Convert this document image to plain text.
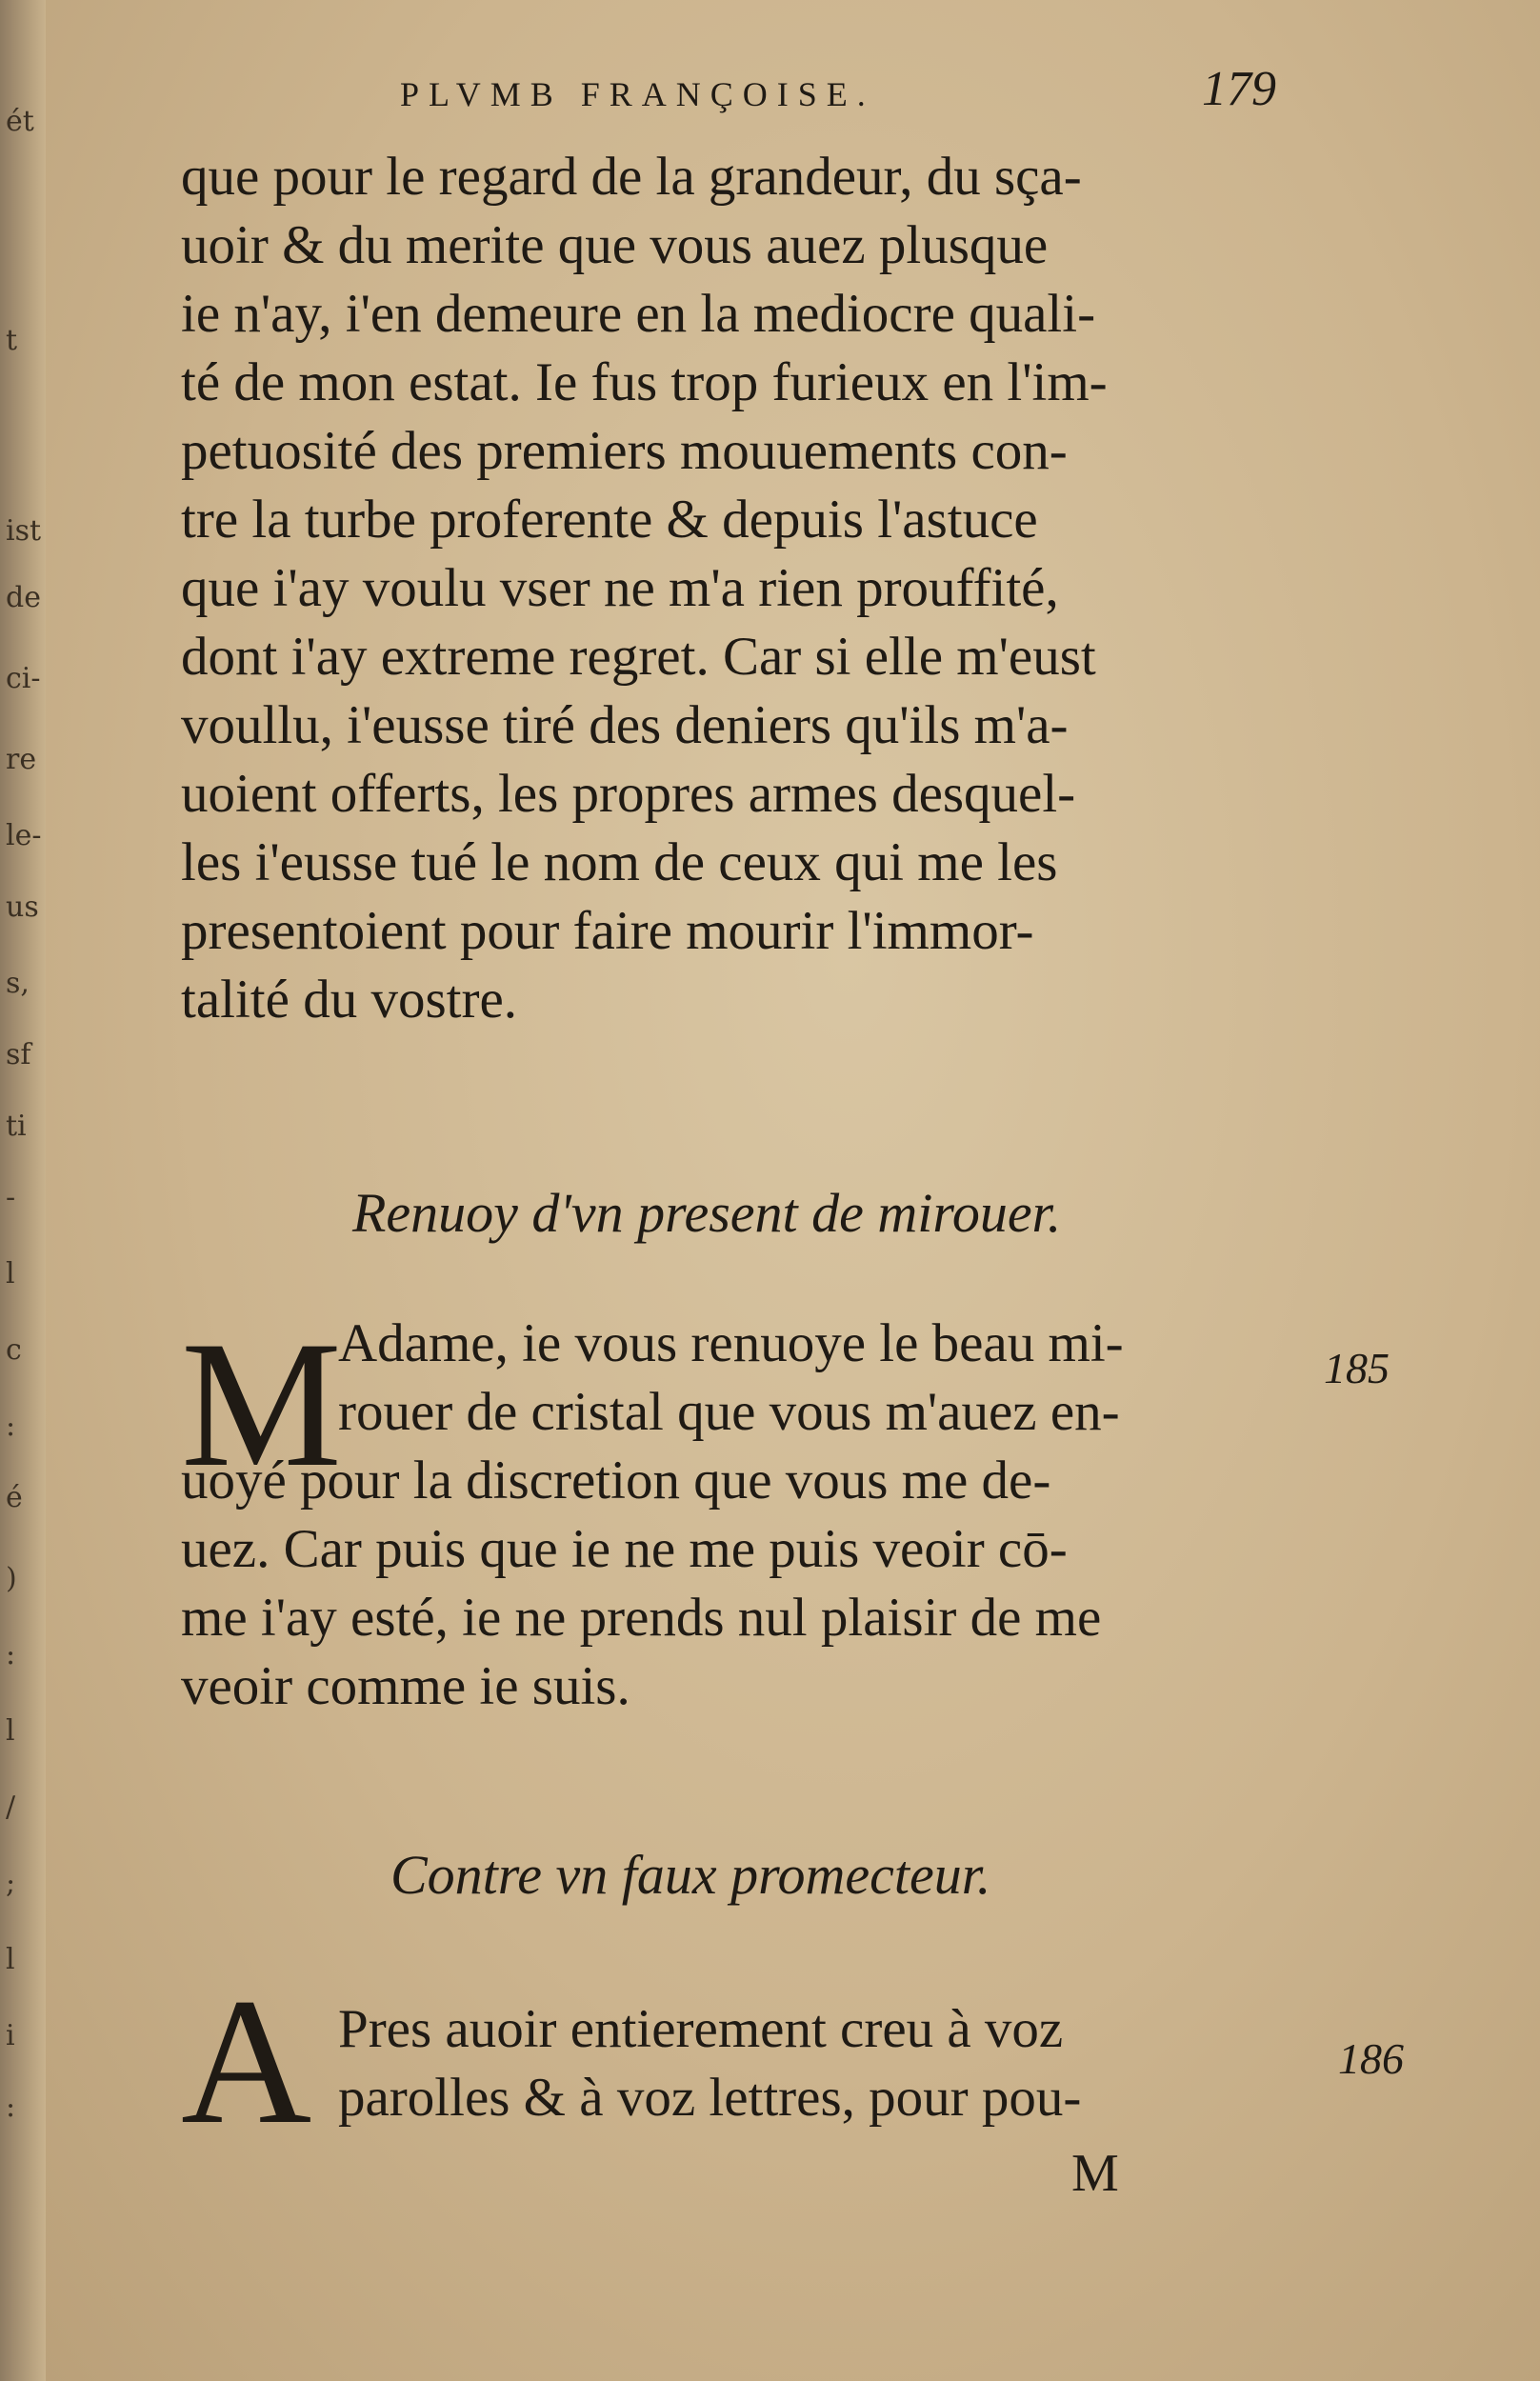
ét
t
ist
de
ci-
re
le-
us
s,
sf
ti
-
l
c
:
é
)
:
l
/
;
l
i
:
PLVMB FRANÇOISE.	179
que pour le regard de la grandeur, du sça-
uoir & du merite que vous auez plusque
ie n'ay, i'en demeure en la mediocre quali-
té de mon estat. Ie fus trop furieux en l'im-
petuosité des premiers mouuements con-
tre la turbe proferente & depuis l'astuce
que i'ay voulu vser ne m'a rien prouffité,
dont i'ay extreme regret. Car si elle m'eust
voullu, i'eusse tiré des deniers qu'ils m'a-
uoient offerts, les propres armes desquel-
les i'eusse tué le nom de ceux qui me les
presentoient pour faire mourir l'immor-
talité du vostre.
Renuoy d'vn present de mirouer.
M	185
Adame, ie vous renuoye le beau mi-
rouer de cristal que vous m'auez en-
uoyé pour la discretion que vous me de-
uez. Car puis que ie ne me puis veoir cō-
me i'ay esté, ie ne prends nul plaisir de me
veoir comme ie suis.
Contre vn faux promecteur.
A	186
Pres auoir entierement creu à voz
parolles & à voz lettres, pour pou-
M
